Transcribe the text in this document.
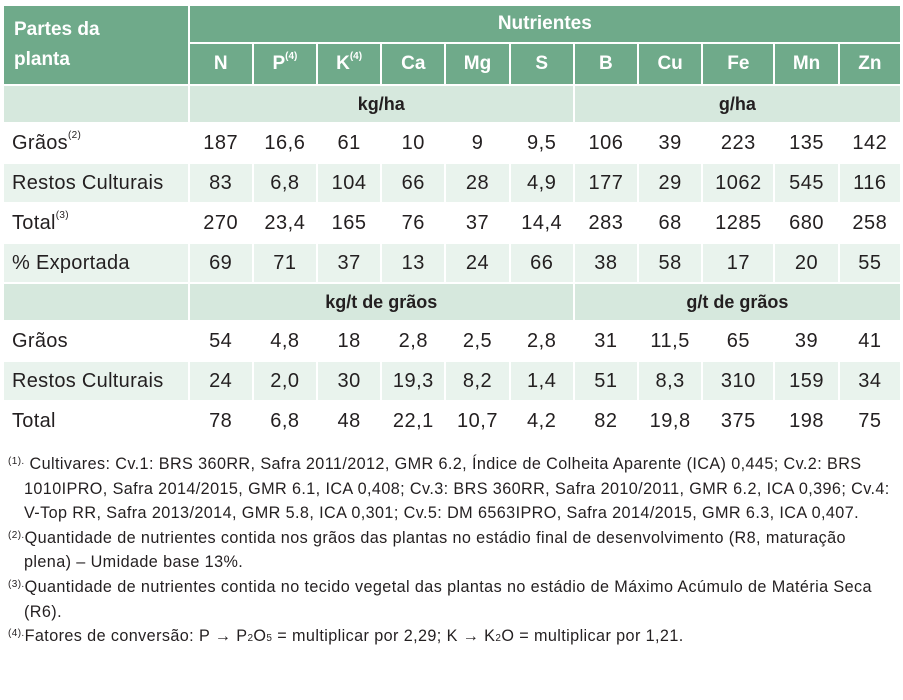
Partes da planta	Nutrientes										
	N	$P^{(4)}$	$K^{(4)}$	Ca	Mg	S	B	Cu	Fe	Mn	Zn
	kg/ha						g/ha				
Grãos$^{(2)}$	187	16,6	61	10	9	9,5	106	39	223	135	142
Restos Culturais	83	6,8	104	66	28	4,9	177	29	1062	545	116
Total$^{(3)}$	270	23,4	165	76	37	14,4	283	68	1285	680	258
% Exportada	69	71	37	13	24	66	38	58	17	20	55
	kg/t de grãos						g/t de grãos				
Grãos	54	4,8	18	2,8	2,5	2,8	31	11,5	65	39	41
Restos Culturais	24	2,0	30	19,3	8,2	1,4	51	8,3	310	159	34
Total	78	6,8	48	22,1	10,7	4,2	82	19,8	375	198	75

$^{(1).}$ Cultivares: Cv.1: BRS 360RR, Safra 2011/2012, GMR 6.2, Índice de Colheita Aparente (ICA) 0,445; Cv.2: BRS 1010IPRO, Safra 2014/2015, GMR 6.1, ICA 0,408; Cv.3: BRS 360RR, Safra 2010/2011, GMR 6.2, ICA 0,396; Cv.4: V-Top RR, Safra 2013/2014, GMR 5.8, ICA 0,301; Cv.5: DM 6563IPRO, Safra 2014/2015, GMR 6.3, ICA 0,407.

$^{(2).}$Quantidade de nutrientes contida nos grãos das plantas no estádio final de desenvolvimento (R8, maturação plena) – Umidade base 13%.

$^{(3).}$Quantidade de nutrientes contida no tecido vegetal das plantas no estádio de Máximo Acúmulo de Matéria Seca (R6).

$^{(4).}$Fatores de conversão: P → P2O5 = multiplicar por 2,29; K → K2O = multiplicar por 1,21.
